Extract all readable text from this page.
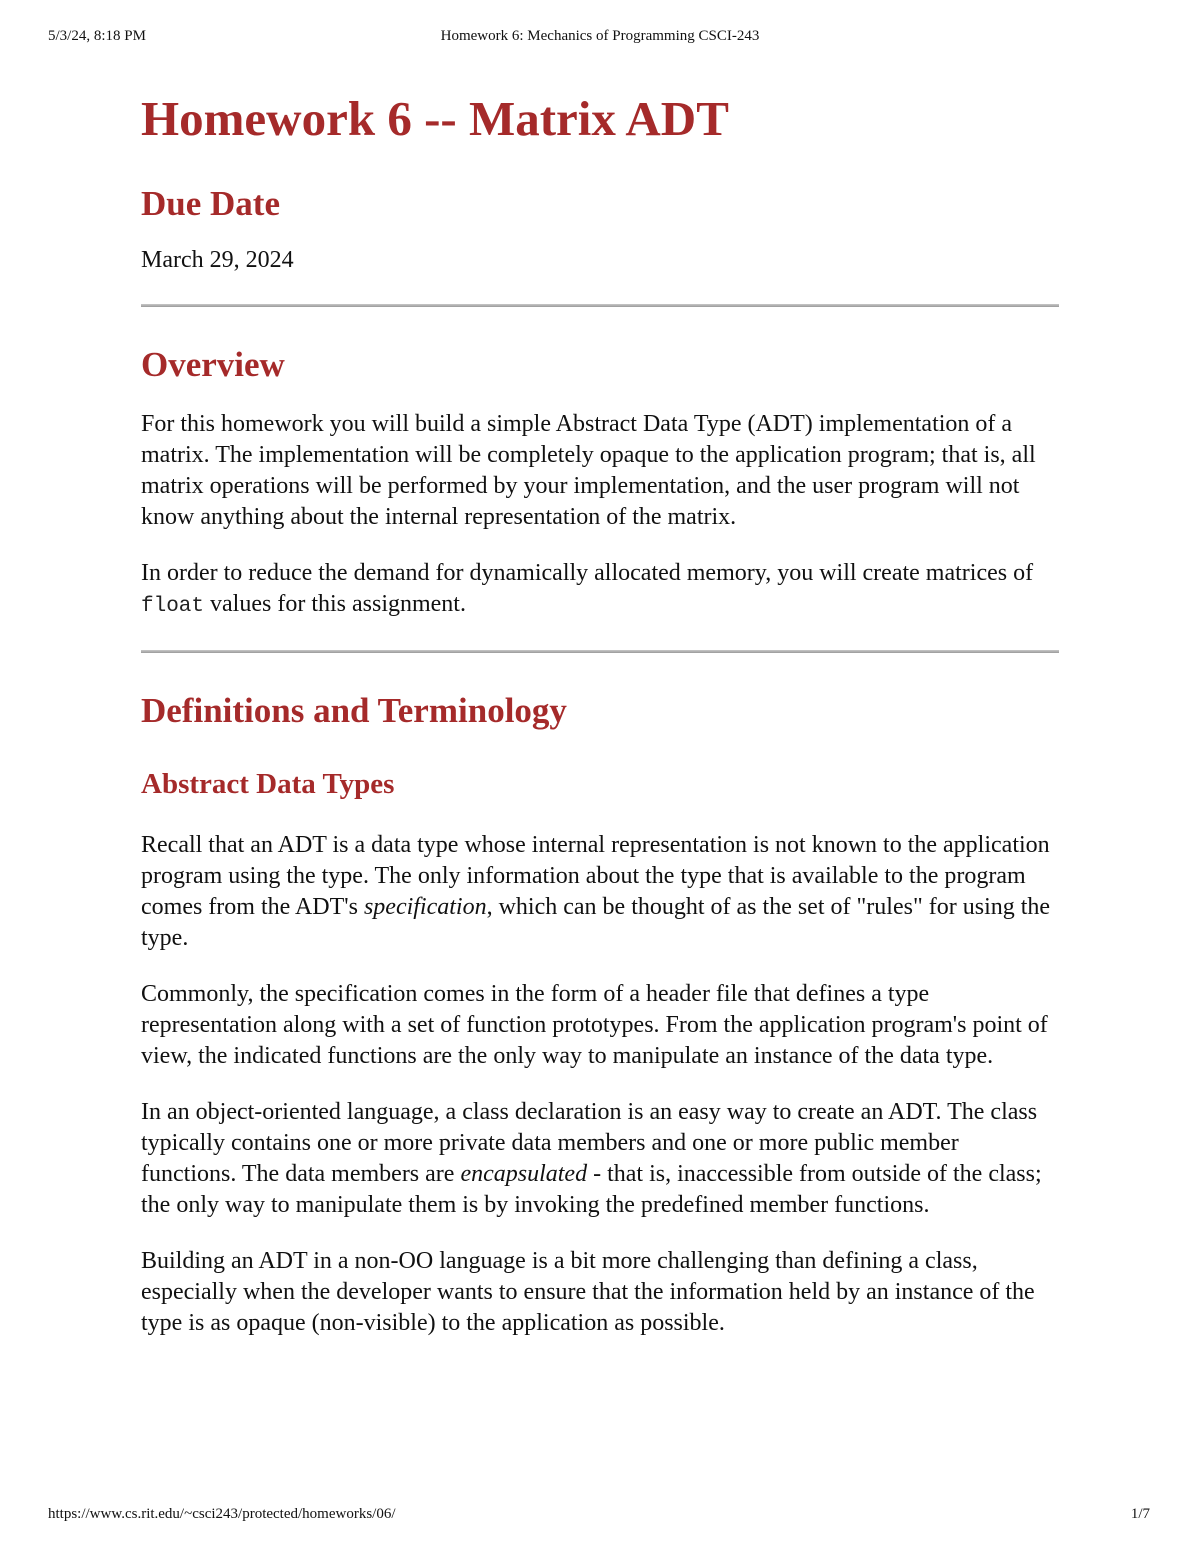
5/3/24, 8:18 PM	Homework 6: Mechanics of Programming CSCI-243
Homework 6 -- Matrix ADT
Due Date

March 29, 2024

Overview

For this homework you will build a simple Abstract Data Type (ADT) implementation of a matrix. The implementation will be completely opaque to the application program; that is, all matrix operations will be performed by your implementation, and the user program will not know anything about the internal representation of the matrix.

In order to reduce the demand for dynamically allocated memory, you will create matrices of float values for this assignment.

Definitions and Terminology
Abstract Data Types

Recall that an ADT is a data type whose internal representation is not known to the application program using the type. The only information about the type that is available to the program comes from the ADT's specification, which can be thought of as the set of "rules" for using the type.

Commonly, the specification comes in the form of a header file that defines a type representation along with a set of function prototypes. From the application program's point of view, the indicated functions are the only way to manipulate an instance of the data type.

In an object-oriented language, a class declaration is an easy way to create an ADT. The class typically contains one or more private data members and one or more public member functions. The data members are encapsulated - that is, inaccessible from outside of the class; the only way to manipulate them is by invoking the predefined member functions.

Building an ADT in a non-OO language is a bit more challenging than defining a class, especially when the developer wants to ensure that the information held by an instance of the type is as opaque (non-visible) to the application as possible.

https://www.cs.rit.edu/~csci243/protected/homeworks/06/	1/7
